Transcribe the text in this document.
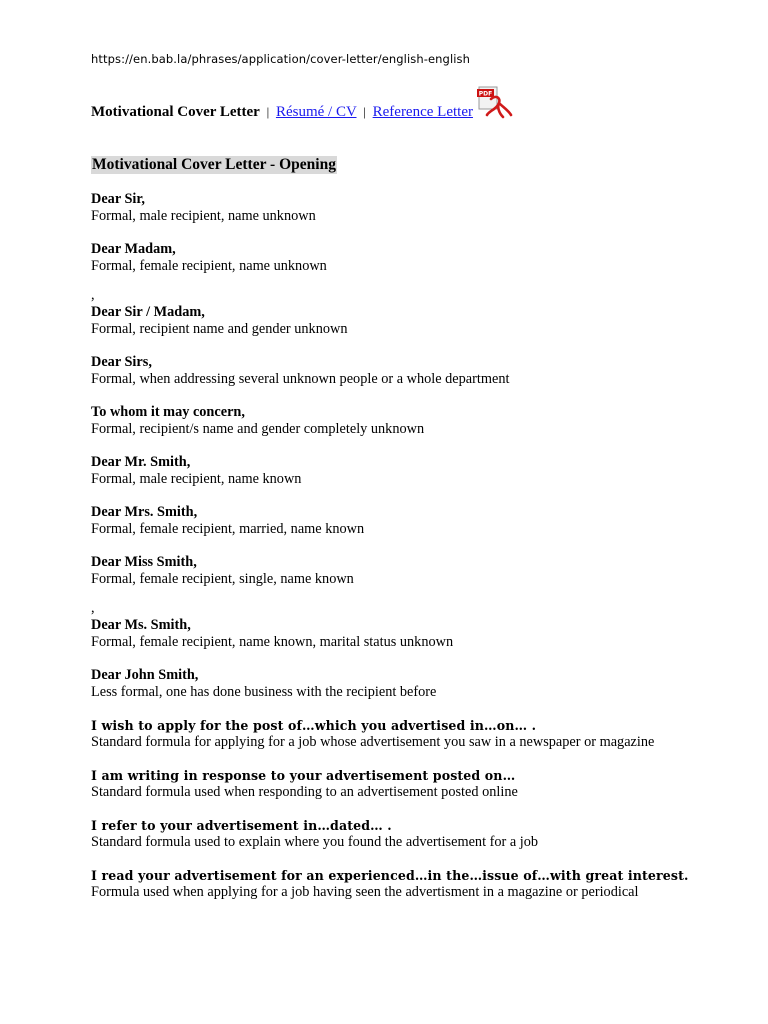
https://en.bab.la/phrases/application/cover-letter/english-english
Motivational Cover Letter | Résumé / CV | Reference Letter
PDF
Motivational Cover Letter - Opening
Dear Sir,
Formal, male recipient, name unknown
Dear Madam,
Formal, female recipient, name unknown
,
Dear Sir / Madam,
Formal, recipient name and gender unknown
Dear Sirs,
Formal, when addressing several unknown people or a whole department
To whom it may concern,
Formal, recipient/s name and gender completely unknown
Dear Mr. Smith,
Formal, male recipient, name known
Dear Mrs. Smith,
Formal, female recipient, married, name known
Dear Miss Smith,
Formal, female recipient, single, name known
,
Dear Ms. Smith,
Formal, female recipient, name known, marital status unknown
Dear John Smith,
Less formal, one has done business with the recipient before
I wish to apply for the post of…which you advertised in…on… .
Standard formula for applying for a job whose advertisement you saw in a newspaper or magazine
I am writing in response to your advertisement posted on…
Standard formula used when responding to an advertisement posted online
I refer to your advertisement in…dated… .
Standard formula used to explain where you found the advertisement for a job
I read your advertisement for an experienced…in the…issue of…with great interest.
Formula used when applying for a job having seen the advertisment in a magazine or periodical
